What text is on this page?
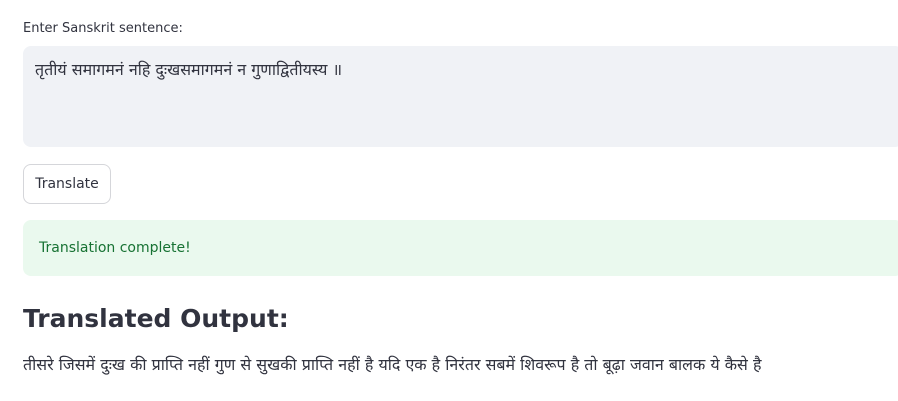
Enter Sanskrit sentence:
तृतीयं समागमनं नहि दुःखसमागमनं न गुणाद्वितीयस्य ॥
Translate
Translation complete!
Translated Output:
तीसरे जिसमें दुःख की प्राप्ति नहीं गुण से सुखकी प्राप्ति नहीं है यदि एक है निरंतर सबमें शिवरूप है तो बूढ़ा जवान बालक ये कैसे है
